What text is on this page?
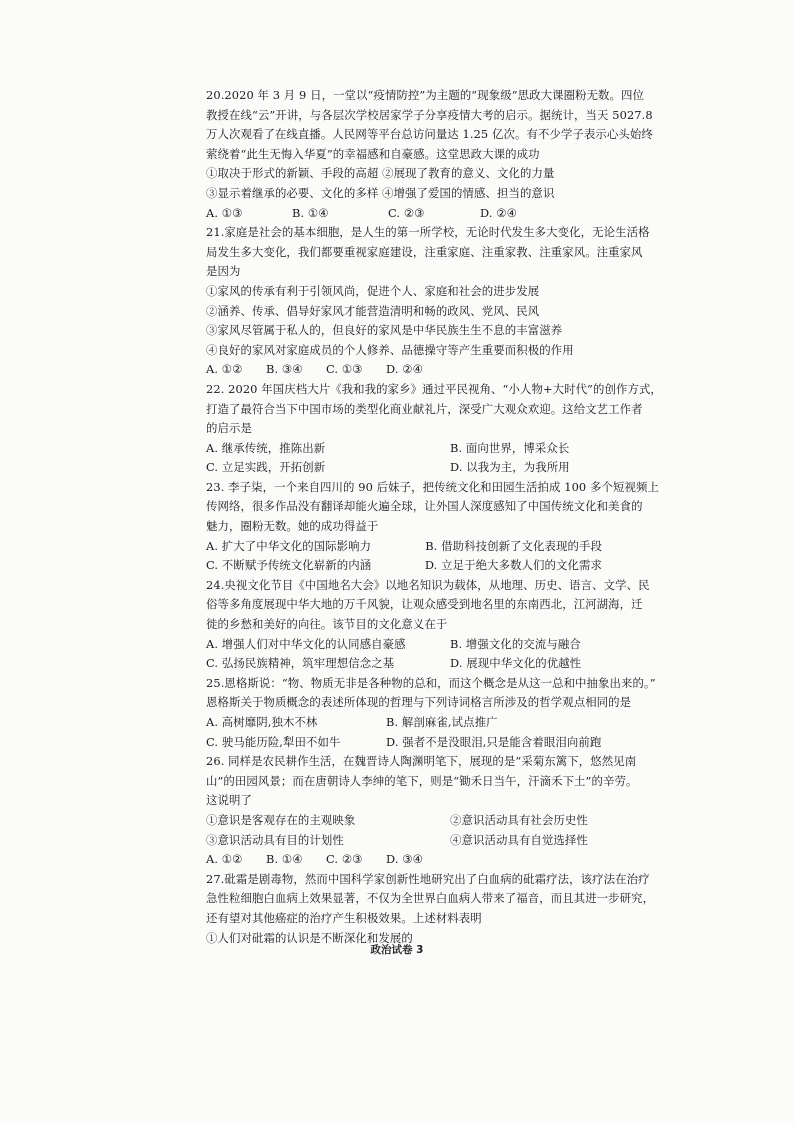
20.2020 年 3 月 9 日，一堂以“疫情防控”为主题的“现象级”思政大课圈粉无数。四位
教授在线“云”开讲，与各层次学校居家学子分享疫情大考的启示。据统计，当天 5027.8
万人次观看了在线直播。人民网等平台总访问量达 1.25 亿次。有不少学子表示心头始终
萦绕着“此生无悔入华夏”的幸福感和自豪感。这堂思政大课的成功
①取决于形式的新颖、手段的高超 ②展现了教育的意义、文化的力量
③显示着继承的必要、文化的多样 ④增强了爱国的情感、担当的意识
A. ①③	B. ①④	C. ②③	D. ②④
21.家庭是社会的基本细胞，是人生的第一所学校，无论时代发生多大变化，无论生活格
局发生多大变化，我们都要重视家庭建设，注重家庭、注重家教、注重家风。注重家风
是因为
①家风的传承有利于引领风尚，促进个人、家庭和社会的进步发展
②涵养、传承、倡导好家风才能营造清明和畅的政风、党风、民风
③家风尽管属于私人的，但良好的家风是中华民族生生不息的丰富滋养
④良好的家风对家庭成员的个人修养、品德操守等产生重要而积极的作用
A. ①②	B. ③④	C. ①③	D. ②④
22. 2020 年国庆档大片《我和我的家乡》通过平民视角、“小人物+大时代”的创作方式，
打造了最符合当下中国市场的类型化商业献礼片，深受广大观众欢迎。这给文艺工作者
的启示是
A. 继承传统，推陈出新	B. 面向世界，博采众长
C. 立足实践，开拓创新	D. 以我为主，为我所用
23. 李子柒，一个来自四川的 90 后妹子，把传统文化和田园生活拍成 100 多个短视频上
传网络，很多作品没有翻译却能火遍全球，让外国人深度感知了中国传统文化和美食的
魅力，圈粉无数。她的成功得益于
A. 扩大了中华文化的国际影响力	B. 借助科技创新了文化表现的手段
C. 不断赋予传统文化崭新的内涵	D. 立足于绝大多数人们的文化需求
24.央视文化节目《中国地名大会》以地名知识为载体，从地理、历史、语言、文学、民
俗等多角度展现中华大地的万千风貌，让观众感受到地名里的东南西北，江河湖海，迁
徙的乡愁和美好的向往。该节目的文化意义在于
A. 增强人们对中华文化的认同感自豪感	B. 增强文化的交流与融合
C. 弘扬民族精神，筑牢理想信念之基	D. 展现中华文化的优越性
25.恩格斯说：“物、物质无非是各种物的总和，而这个概念是从这一总和中抽象出来的。”
恩格斯关于物质概念的表述所体现的哲理与下列诗词格言所涉及的哲学观点相同的是
A. 高树靡阴,独木不林	B. 解剖麻雀,试点推广
C. 驶马能历险,犁田不如牛	D. 强者不是没眼泪,只是能含着眼泪向前跑
26. 同样是农民耕作生活，在魏晋诗人陶渊明笔下，展现的是“采菊东篱下，悠然见南
山”的田园风景；而在唐朝诗人李绅的笔下，则是“锄禾日当午，汗滴禾下土”的辛劳。
这说明了
①意识是客观存在的主观映象	②意识活动具有社会历史性
③意识活动具有目的计划性	④意识活动具有自觉选择性
A. ①②	B. ①④	C. ②③	D. ③④
27.砒霜是剧毒物，然而中国科学家创新性地研究出了白血病的砒霜疗法，该疗法在治疗
急性粒细胞白血病上效果显著，不仅为全世界白血病人带来了福音，而且其进一步研究，
还有望对其他癌症的治疗产生积极效果。上述材料表明
①人们对砒霜的认识是不断深化和发展的
政治试卷 3
